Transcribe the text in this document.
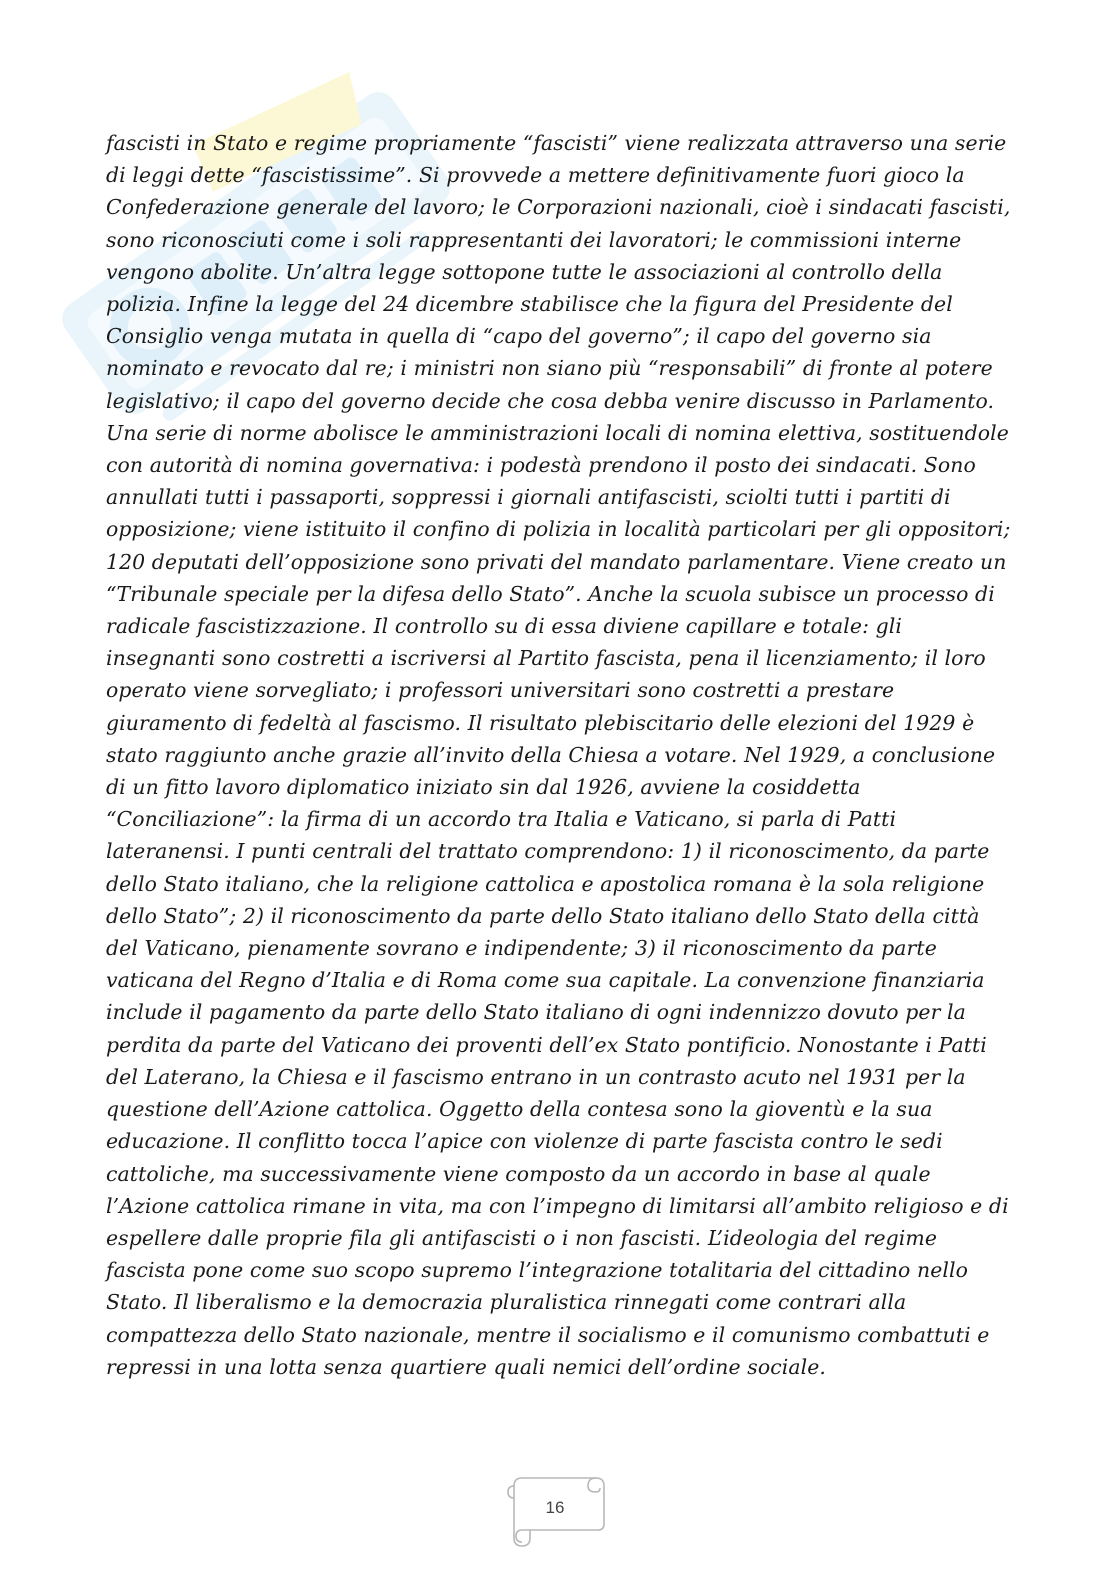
fascisti in Stato e regime propriamente “fascisti” viene realizzata attraverso una serie di leggi dette “fascistissime”. Si provvede a mettere definitivamente fuori gioco la Confederazione generale del lavoro; le Corporazioni nazionali, cioè i sindacati fascisti, sono riconosciuti come i soli rappresentanti dei lavoratori; le commissioni interne vengono abolite. Un’altra legge sottopone tutte le associazioni al controllo della polizia. Infine la legge del 24 dicembre stabilisce che la figura del Presidente del Consiglio venga mutata in quella di “capo del governo”; il capo del governo sia nominato e revocato dal re; i ministri non siano più “responsabili” di fronte al potere legislativo; il capo del governo decide che cosa debba venire discusso in Parlamento. Una serie di norme abolisce le amministrazioni locali di nomina elettiva, sostituendole con autorità di nomina governativa: i podestà prendono il posto dei sindacati. Sono annullati tutti i passaporti, soppressi i giornali antifascisti, sciolti tutti i partiti di opposizione; viene istituito il confino di polizia in località particolari per gli oppositori; 120 deputati dell’opposizione sono privati del mandato parlamentare. Viene creato un “Tribunale speciale per la difesa dello Stato”. Anche la scuola subisce un processo di radicale fascistizzazione. Il controllo su di essa diviene capillare e totale: gli insegnanti sono costretti a iscriversi al Partito fascista, pena il licenziamento; il loro operato viene sorvegliato; i professori universitari sono costretti a prestare giuramento di fedeltà al fascismo. Il risultato plebiscitario delle elezioni del 1929 è stato raggiunto anche grazie all’invito della Chiesa a votare. Nel 1929, a conclusione di un fitto lavoro diplomatico iniziato sin dal 1926, avviene la cosiddetta “Conciliazione”: la firma di un accordo tra Italia e Vaticano, si parla di Patti lateranensi. I punti centrali del trattato comprendono: 1) il riconoscimento, da parte dello Stato italiano, che la religione cattolica e apostolica romana è la sola religione dello Stato”; 2) il riconoscimento da parte dello Stato italiano dello Stato della città del Vaticano, pienamente sovrano e indipendente; 3) il riconoscimento da parte vaticana del Regno d’Italia e di Roma come sua capitale. La convenzione finanziaria include il pagamento da parte dello Stato italiano di ogni indennizzo dovuto per la perdita da parte del Vaticano dei proventi dell’ex Stato pontificio. Nonostante i Patti del Laterano, la Chiesa e il fascismo entrano in un contrasto acuto nel 1931 per la questione dell’Azione cattolica. Oggetto della contesa sono la gioventù e la sua educazione. Il conflitto tocca l’apice con violenze di parte fascista contro le sedi cattoliche, ma successivamente viene composto da un accordo in base al quale l’Azione cattolica rimane in vita, ma con l’impegno di limitarsi all’ambito religioso e di espellere dalle proprie fila gli antifascisti o i non fascisti. L’ideologia del regime fascista pone come suo scopo supremo l’integrazione totalitaria del cittadino nello Stato. Il liberalismo e la democrazia pluralistica rinnegati come contrari alla compattezza dello Stato nazionale, mentre il socialismo e il comunismo combattuti e repressi in una lotta senza quartiere quali nemici dell’ordine sociale.

16
